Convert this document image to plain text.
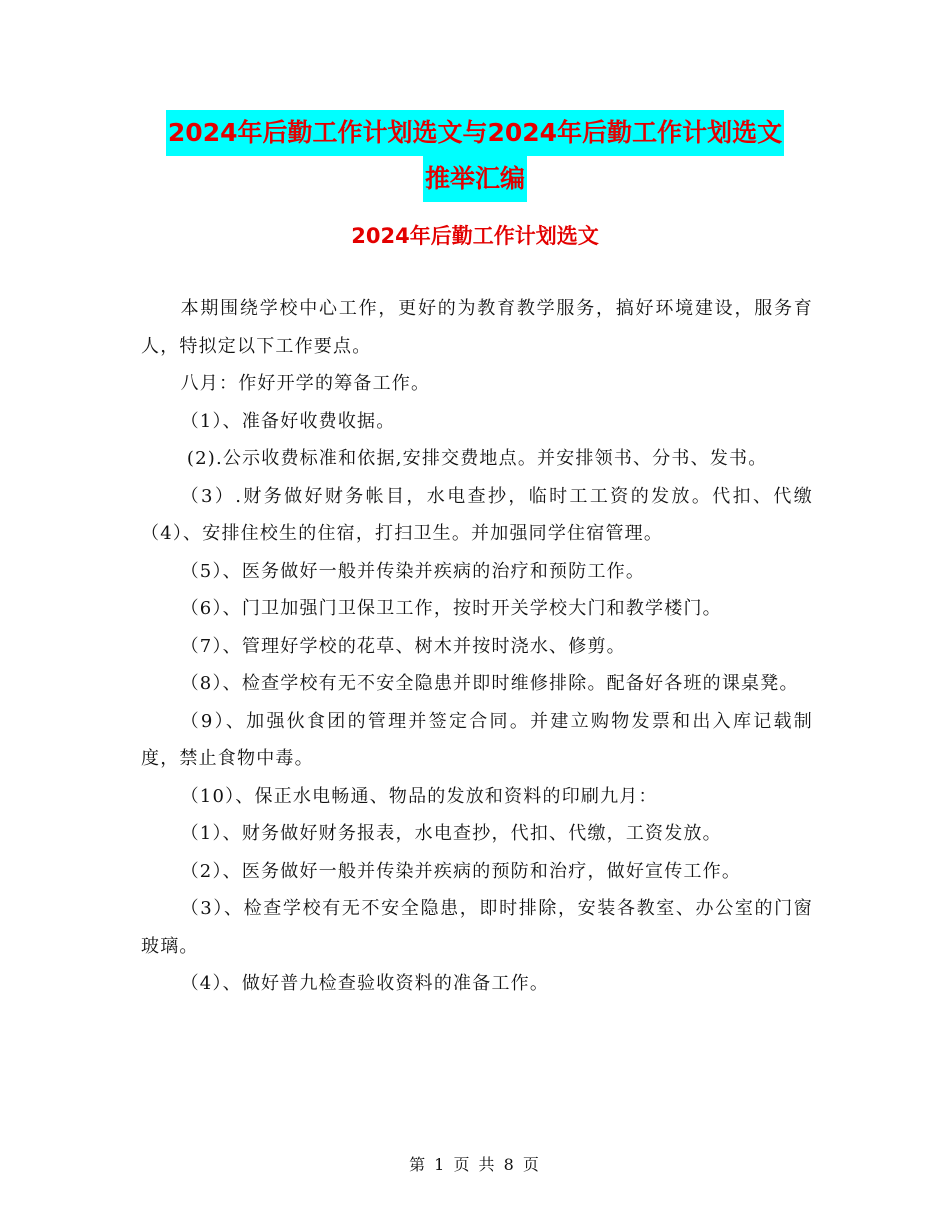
2024年后勤工作计划选文与2024年后勤工作计划选文
推举汇编
2024年后勤工作计划选文

本期围绕学校中心工作，更好的为教育教学服务，搞好环境建设，服务育人，特拟定以下工作要点。

八月：作好开学的筹备工作。

（1）、准备好收费收据。

(2).公示收费标准和依据,安排交费地点。并安排领书、分书、发书。

（3）.财务做好财务帐目，水电查抄，临时工工资的发放。代扣、代缴（4）、安排住校生的住宿，打扫卫生。并加强同学住宿管理。

（5）、医务做好一般并传染并疾病的治疗和预防工作。

（6）、门卫加强门卫保卫工作，按时开关学校大门和教学楼门。

（7）、管理好学校的花草、树木并按时浇水、修剪。

（8）、检查学校有无不安全隐患并即时维修排除。配备好各班的课桌凳。

（9）、加强伙食团的管理并签定合同。并建立购物发票和出入库记载制度，禁止食物中毒。

（10）、保正水电畅通、物品的发放和资料的印刷九月：

（1）、财务做好财务报表，水电查抄，代扣、代缴，工资发放。

（2）、医务做好一般并传染并疾病的预防和治疗，做好宣传工作。

（3）、检查学校有无不安全隐患，即时排除，安装各教室、办公室的门窗玻璃。

（4）、做好普九检查验收资料的准备工作。

第 1 页 共 8 页
